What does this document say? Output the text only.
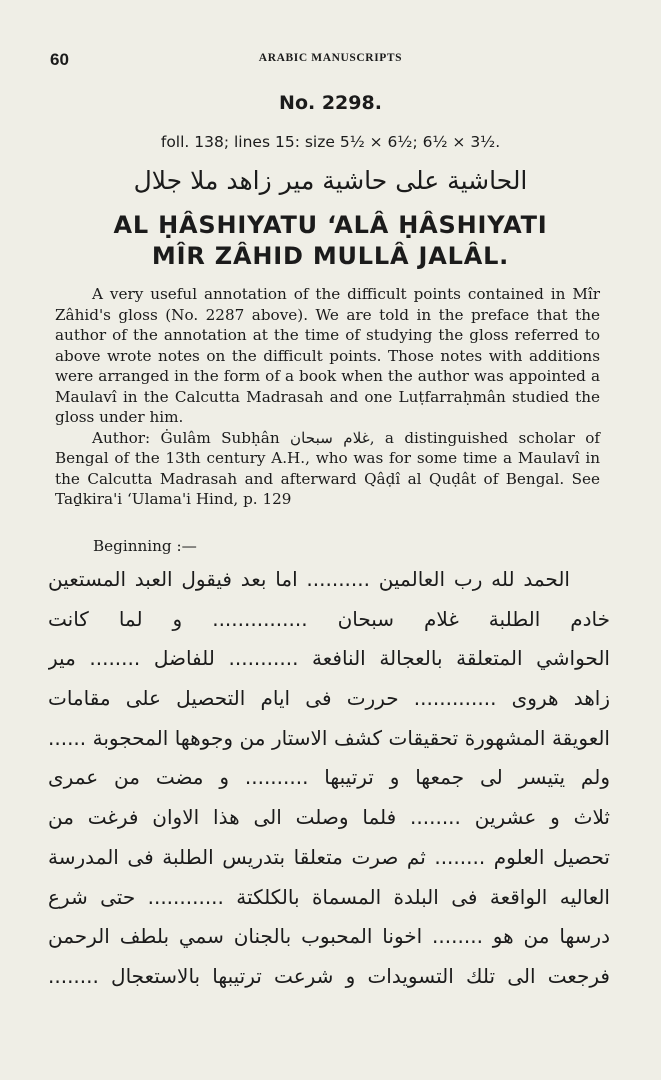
60	ARABIC MANUSCRIPTS
No. 2298.
foll. 138; lines 15: size 5½ × 6½; 6½ × 3½.
الحاشية على حاشية مير زاهد ملا جلال
AL ḤÂSHIYATU ‘ALÂ ḤÂSHIYATI
MÎR ZÂHID MULLÂ JALÂL.

A very useful annotation of the difficult points contained in Mîr Zâhid's gloss (No. 2287 above). We are told in the preface that the author of the annotation at the time of studying the gloss referred to above wrote notes on the difficult points. Those notes with additions were arranged in the form of a book when the author was appointed a Maulavî in the Calcutta Madrasah and one Luṭfarraḥmân studied the gloss under him.

Author: Ġulâm Subḥân غلام سبحان, a distinguished scholar of Bengal of the 13th century A.H., who was for some time a Maulavî in the Calcutta Madrasah and afterward Qâḍî al Quḍât of Bengal. See Taḏkira'i ‘Ulama'i Hind, p. 129

Beginning :—
الحمد لله رب العالمين .......... اما بعد فيقول العبد المستعين
خادم الطلبة غلام سبحان ............... و لما كانت
الحواشي المتعلقة بالعجالة النافعة ........... للفاضل ........ مير
زاهد هروی ............. حررت فی ایام التحصیل علی مقامات
العويقة المشهورة تحقيقات كشف الاستار من وجوهها المحجوبة ......
ولم يتيسر لى جمعها و ترتيبها .......... و مضت من عمرى
ثلاث و عشرين ........ فلما وصلت الى هذا الاوان فرغت من
تحصيل العلوم ........ ثم صرت متعلقا بتدريس الطلبة فى المدرسة
العاليه الواقعة فى البلدة المسماة بالكلكتة ............ حتى شرع
درسها من هو ........ اخونا المحبوب بالجنان سمي بلطف الرحمن
فرجعت الى تلك التسويدات و شرعت ترتيبها بالاستعجال ........
